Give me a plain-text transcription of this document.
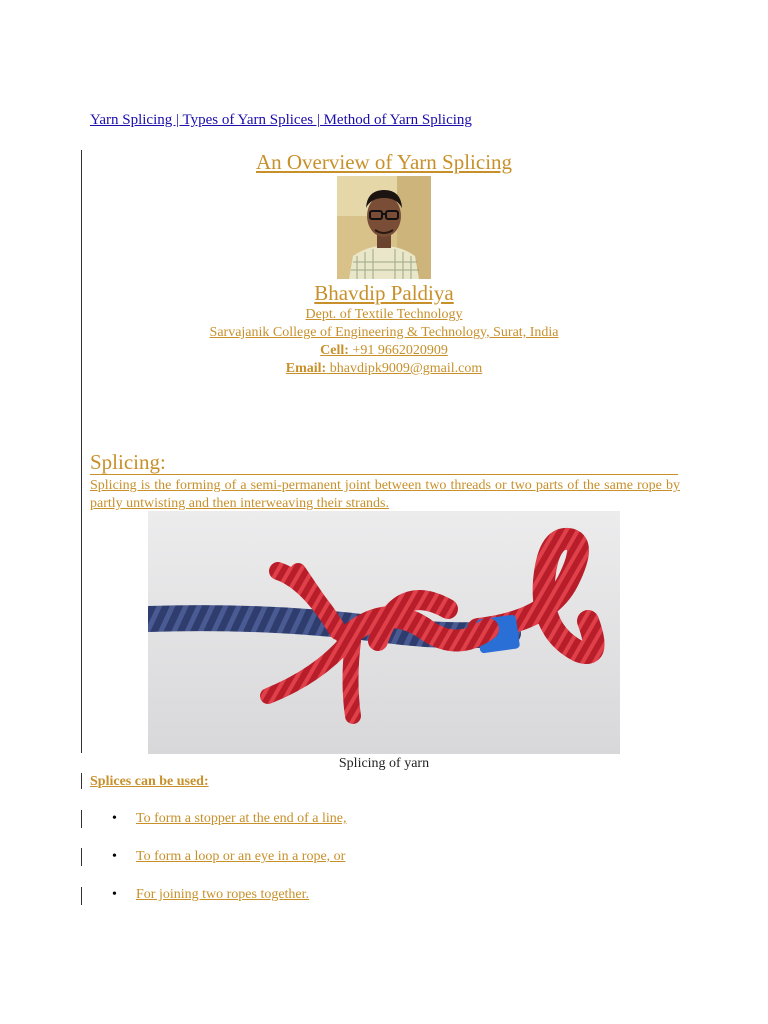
Yarn Splicing | Types of Yarn Splices | Method of Yarn Splicing
An Overview of Yarn Splicing
Bhavdip Paldiya
Dept. of Textile Technology
Sarvajanik College of Engineering & Technology, Surat, India
Cell: +91 9662020909
Email: bhavdipk9009@gmail.com
Splicing:
Splicing is the forming of a semi-permanent joint between two threads or two parts of the same rope by partly untwisting and then interweaving their strands.
Splicing of yarn
Splices can be used:
• To form a stopper at the end of a line,
• To form a loop or an eye in a rope, or
• For joining two ropes together.
